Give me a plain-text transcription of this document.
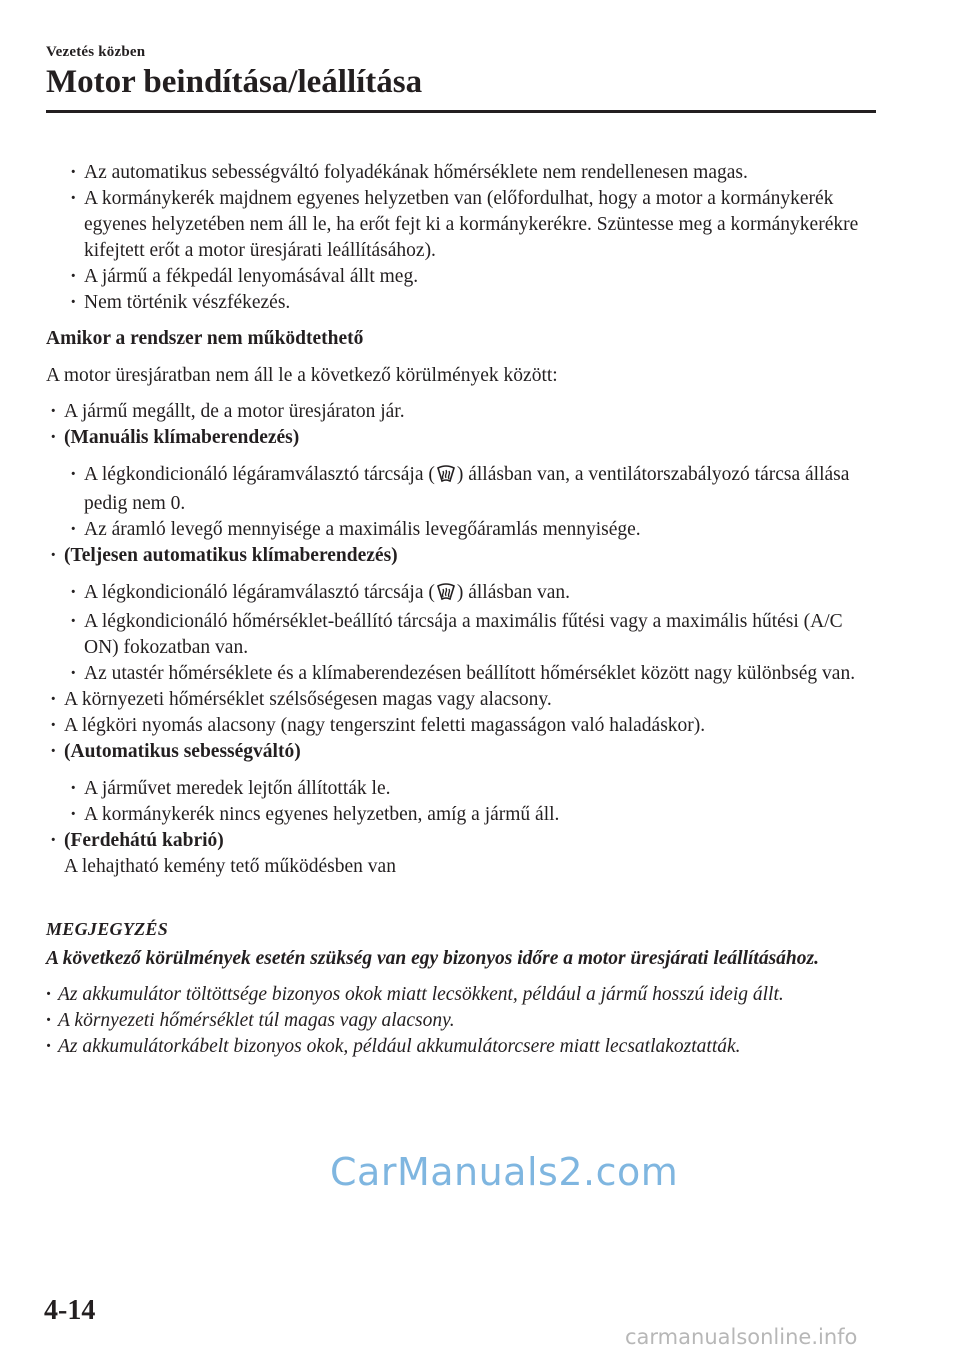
Vezetés közben
Motor beindítása/leállítása

· Az automatikus sebességváltó folyadékának hőmérséklete nem rendellenesen magas.

· A kormánykerék majdnem egyenes helyzetben van (előfordulhat, hogy a motor a kormánykerék egyenes helyzetében nem áll le, ha erőt fejt ki a kormánykerékre. Szüntesse meg a kormánykerékre kifejtett erőt a motor üresjárati leállításához).

· A jármű a fékpedál lenyomásával állt meg.

· Nem történik vészfékezés.

Amikor a rendszer nem működtethető

A motor üresjáratban nem áll le a következő körülmények között:

· A jármű megállt, de a motor üresjáraton jár.

· (Manuális klímaberendezés)

· A légkondicionáló légáramválasztó tárcsája ( ) állásban van, a ventilátorszabályozó tárcsa állása pedig nem 0.

· Az áramló levegő mennyisége a maximális levegőáramlás mennyisége.

· (Teljesen automatikus klímaberendezés)

· A légkondicionáló légáramválasztó tárcsája ( ) állásban van.

· A légkondicionáló hőmérséklet-beállító tárcsája a maximális fűtési vagy a maximális hűtési (A/C ON) fokozatban van.

· Az utastér hőmérséklete és a klímaberendezésen beállított hőmérséklet között nagy különbség van.

· A környezeti hőmérséklet szélsőségesen magas vagy alacsony.

· A légköri nyomás alacsony (nagy tengerszint feletti magasságon való haladáskor).

· (Automatikus sebességváltó)

· A járművet meredek lejtőn állították le.

· A kormánykerék nincs egyenes helyzetben, amíg a jármű áll.

· (Ferdehátú kabrió)

A lehajtható kemény tető működésben van

MEGJEGYZÉS

A következő körülmények esetén szükség van egy bizonyos időre a motor üresjárati leállításához.

· Az akkumulátor töltöttsége bizonyos okok miatt lecsökkent, például a jármű hosszú ideig állt.

· A környezeti hőmérséklet túl magas vagy alacsony.

· Az akkumulátorkábelt bizonyos okok, például akkumulátorcsere miatt lecsatlakoztatták.

CarManuals2.com
4-14
carmanualsonline.info
